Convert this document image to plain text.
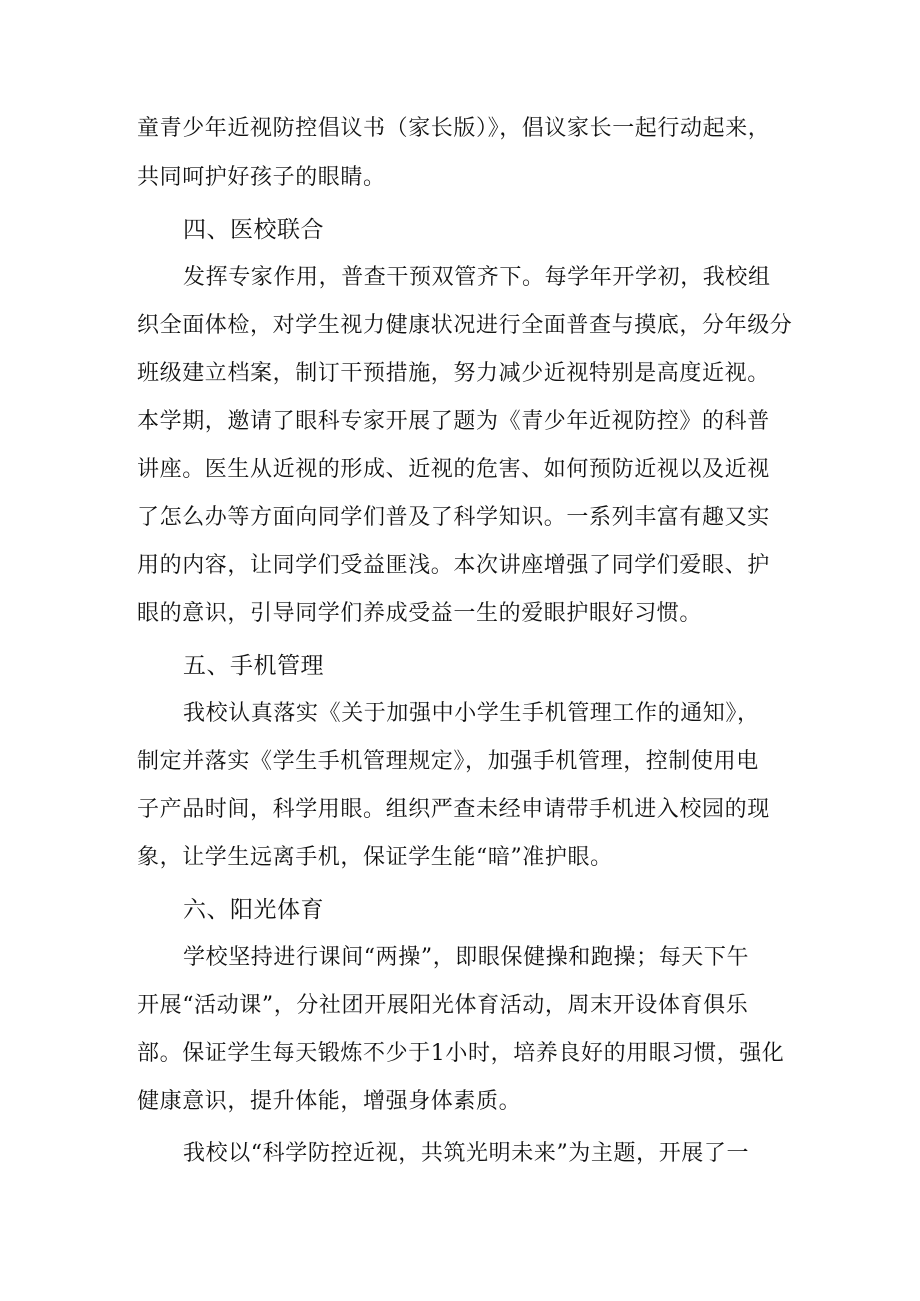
童青少年近视防控倡议书（家长版）》，倡议家长一起行动起来，
共同呵护好孩子的眼睛。
四、医校联合
发挥专家作用，普查干预双管齐下。每学年开学初，我校组
织全面体检，对学生视力健康状况进行全面普查与摸底，分年级分
班级建立档案，制订干预措施，努力减少近视特别是高度近视。
本学期，邀请了眼科专家开展了题为《青少年近视防控》的科普
讲座。医生从近视的形成、近视的危害、如何预防近视以及近视
了怎么办等方面向同学们普及了科学知识。一系列丰富有趣又实
用的内容，让同学们受益匪浅。本次讲座增强了同学们爱眼、护
眼的意识，引导同学们养成受益一生的爱眼护眼好习惯。
五、手机管理
我校认真落实《关于加强中小学生手机管理工作的通知》，
制定并落实《学生手机管理规定》，加强手机管理，控制使用电
子产品时间，科学用眼。组织严查未经申请带手机进入校园的现
象，让学生远离手机，保证学生能“暗”准护眼。
六、阳光体育
学校坚持进行课间“两操”，即眼保健操和跑操；每天下午
开展“活动课”，分社团开展阳光体育活动，周末开设体育俱乐
部。保证学生每天锻炼不少于1小时，培养良好的用眼习惯，强化
健康意识，提升体能，增强身体素质。
我校以“科学防控近视，共筑光明未来”为主题，开展了一
